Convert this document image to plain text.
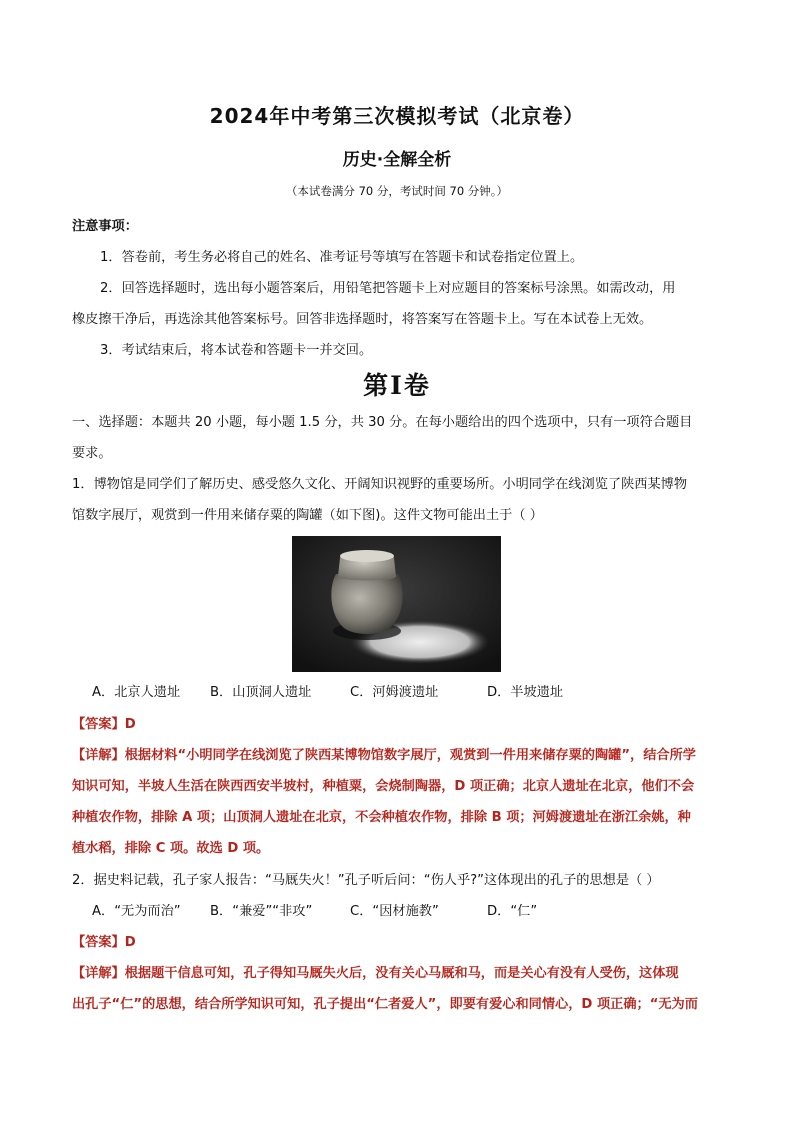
2024年中考第三次模拟考试（北京卷）
历史·全解全析
（本试卷满分 70 分，考试时间 70 分钟。）
注意事项：
1．答卷前，考生务必将自己的姓名、准考证号等填写在答题卡和试卷指定位置上。
2．回答选择题时，选出每小题答案后，用铅笔把答题卡上对应题目的答案标号涂黑。如需改动，用
橡皮擦干净后，再选涂其他答案标号。回答非选择题时，将答案写在答题卡上。写在本试卷上无效。
3．考试结束后，将本试卷和答题卡一并交回。
第Ⅰ卷
一、选择题：本题共 20 小题，每小题 1.5 分，共 30 分。在每小题给出的四个选项中，只有一项符合题目
要求。
1．博物馆是同学们了解历史、感受悠久文化、开阔知识视野的重要场所。小明同学在线浏览了陕西某博物
馆数字展厅，观赏到一件用来储存粟的陶罐（如下图)。这件文物可能出土于（ ）
A．北京人遗址 B．山顶洞人遗址	C．河姆渡遗址	D．半坡遗址
【答案】D
【详解】根据材料“小明同学在线浏览了陕西某博物馆数字展厅，观赏到一件用来储存粟的陶罐”，结合所学
知识可知，半坡人生活在陕西西安半坡村，种植粟，会烧制陶器，D 项正确；北京人遗址在北京，他们不会
种植农作物，排除 A 项；山顶洞人遗址在北京，不会种植农作物，排除 B 项；河姆渡遗址在浙江余姚，种
植水稻，排除 C 项。故选 D 项。
2．据史料记载，孔子家人报告：“马厩失火！”孔子听后问：“伤人乎?”这体现出的孔子的思想是（ ）
A．“无为而治” B．“兼爱”“非攻”	C．“因材施教”	D．“仁”
【答案】D
【详解】根据题干信息可知，孔子得知马厩失火后，没有关心马厩和马，而是关心有没有人受伤，这体现
出孔子“仁”的思想，结合所学知识可知，孔子提出“仁者爱人”，即要有爱心和同情心，D 项正确；“无为而
